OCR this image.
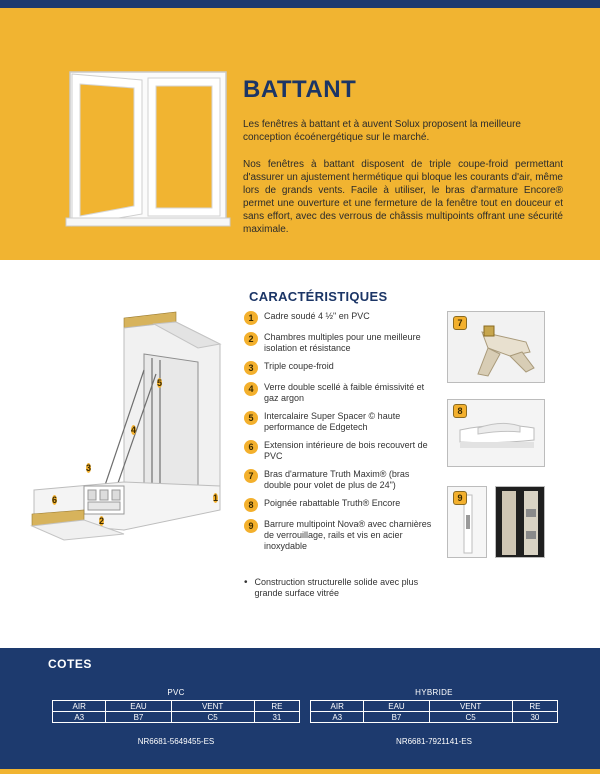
BATTANT

Les fenêtres à battant et à auvent Solux proposent la meilleure conception écoénergétique sur le marché.

Nos fenêtres à battant disposent de triple coupe-froid permettant d'assurer un ajustement hermétique qui bloque les courants d'air, même lors de grands vents. Facile à utiliser, le bras d'armature Encore® permet une ouverture et une fermeture de la fenêtre tout en douceur et sans effort, avec des verrous de châssis multipoints offrant une sécurité maximale.

5
4
3
1
6
2
CARACTÉRISTIQUES
1	Cadre soudé 4 ½" en PVC
2	Chambres multiples pour une meilleure isolation et résistance
3	Triple coupe-froid
4	Verre double scellé à faible émissivité et gaz argon
5	Intercalaire Super Spacer © haute performance de Edgetech
6	Extension intérieure de bois recouvert de PVC
7	Bras d'armature Truth Maxim® (bras double pour volet de plus de 24")
8	Poignée rabattable Truth® Encore
9	Barrure multipoint Nova® avec charnières de verrouillage, rails et vis en acier inoxydable
• Construction structurelle solide avec plus grande surface vitrée
7
8
9
COTES
PVC
AIR	EAU	VENT	RE
A3	B7	C5	31
NR6681-5649455-ES
HYBRIDE
AIR	EAU	VENT	RE
A3	B7	C5	30
NR6681-7921141-ES
